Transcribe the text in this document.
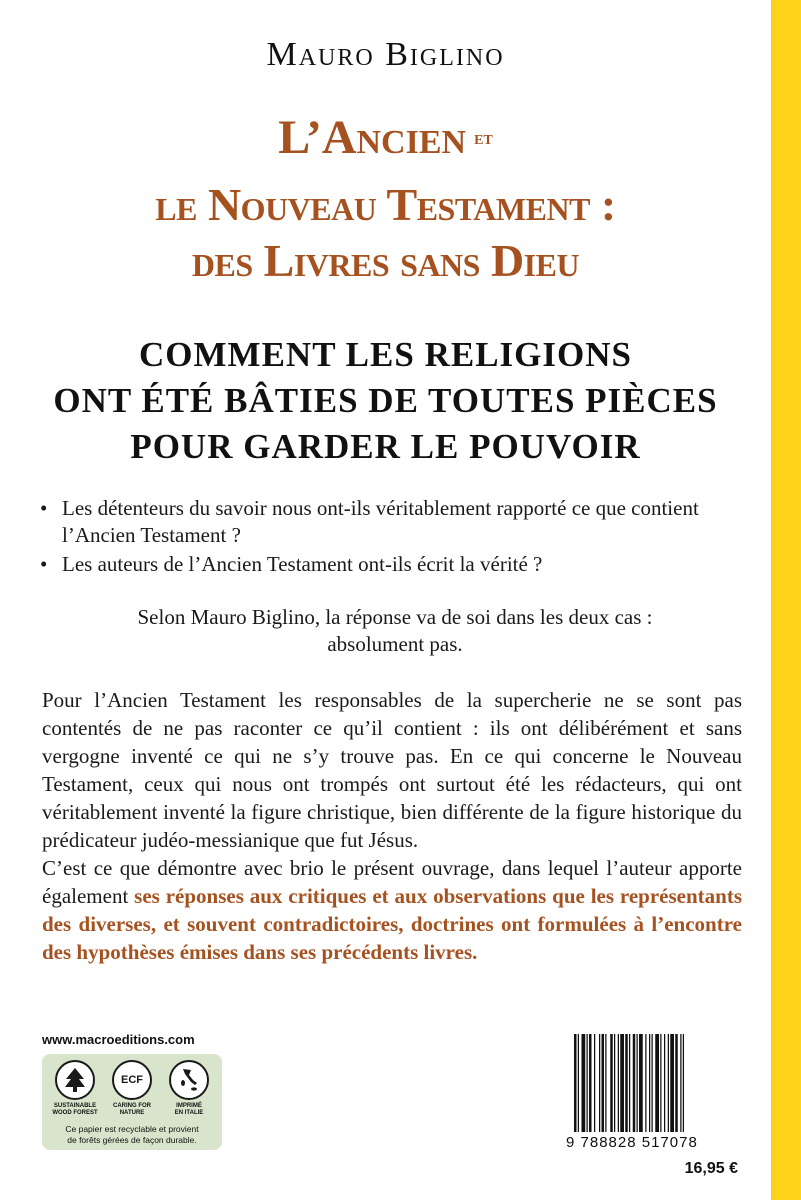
Mauro Biglino
L’Ancien et
le Nouveau Testament :
des Livres sans Dieu
COMMENT LES RELIGIONS
ONT ÉTÉ BÂTIES DE TOUTES PIÈCES
POUR GARDER LE POUVOIR
• Les détenteurs du savoir nous ont-ils véritablement rapporté ce que contient l’Ancien Testament ?
• Les auteurs de l’Ancien Testament ont-ils écrit la vérité ?
Selon Mauro Biglino, la réponse va de soi dans les deux cas :
absolument pas.

Pour l’Ancien Testament les responsables de la supercherie ne se sont pas contentés de ne pas raconter ce qu’il contient : ils ont délibérément et sans vergogne inventé ce qui ne s’y trouve pas. En ce qui concerne le Nouveau Testament, ceux qui nous ont trompés ont surtout été les rédacteurs, qui ont véritablement inventé la figure christique, bien différente de la figure historique du prédicateur judéo-messianique que fut Jésus.

C’est ce que démontre avec brio le présent ouvrage, dans lequel l’auteur apporte également ses réponses aux critiques et aux observations que les représentants des diverses, et souvent contradictoires, doctrines ont formulées à l’encontre des hypothèses émises dans ses précédents livres.

www.macroeditions.com
SUSTAINABLE
WOOD FOREST
ECF
CARING FOR
NATURE
IMPRIMÉ
EN ITALIE
Ce papier est recyclable et provient
de forêts gérées de façon durable.	9 788828 517078
16,95 €
